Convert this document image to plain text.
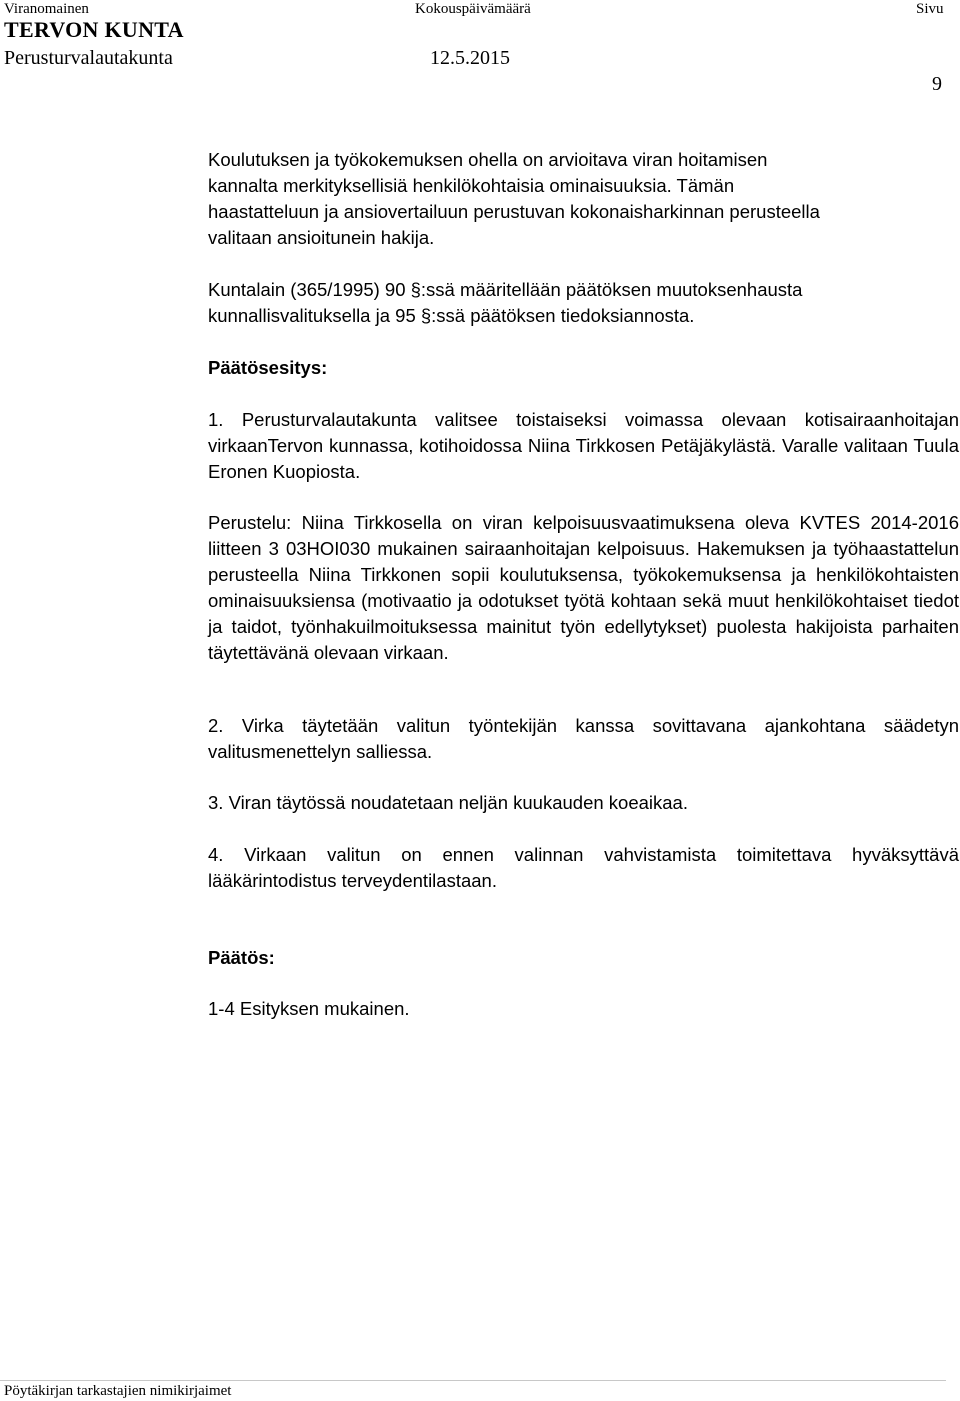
Viranomainen	Kokouspäivämäärä	Sivu
TERVON KUNTA
Perusturvalautakunta	12.5.2015
9

Koulutuksen ja työkokemuksen ohella on arvioitava viran hoitamisen

kannalta merkityksellisiä henkilökohtaisia ominaisuuksia. Tämän

haastatteluun ja ansiovertailuun perustuvan kokonaisharkinnan perusteella

valitaan ansioitunein hakija.

Kuntalain (365/1995) 90 §:ssä määritellään päätöksen muutoksenhausta

kunnallisvalituksella ja 95 §:ssä päätöksen tiedoksiannosta.

Päätösesitys:
1. Perusturvalautakunta valitsee toistaiseksi voimassa olevaan kotisairaanhoitajan virkaanTervon kunnassa, kotihoidossa Niina Tirkkosen Petäjäkylästä. Varalle valitaan Tuula Eronen Kuopiosta.
Perustelu: Niina Tirkkosella on viran kelpoisuusvaatimuksena oleva KVTES 2014-2016 liitteen 3 03HOI030 mukainen sairaanhoitajan kelpoisuus. Hakemuksen ja työhaastattelun perusteella Niina Tirkkonen sopii koulutuksensa, työkokemuksensa ja henkilökohtaisten ominaisuuksiensa (motivaatio ja odotukset työtä kohtaan sekä muut henkilökohtaiset tiedot ja taidot, työnhakuilmoituksessa mainitut työn edellytykset) puolesta hakijoista parhaiten täytettävänä olevaan virkaan.
2. Virka täytetään valitun työntekijän kanssa sovittavana ajankohtana säädetyn valitusmenettelyn salliessa.
3. Viran täytössä noudatetaan neljän kuukauden koeaikaa.
4. Virkaan valitun on ennen valinnan vahvistamista toimitettava hyväksyttävä lääkärintodistus terveydentilastaan.
Päätös:
1-4 Esityksen mukainen.
Pöytäkirjan tarkastajien nimikirjaimet
